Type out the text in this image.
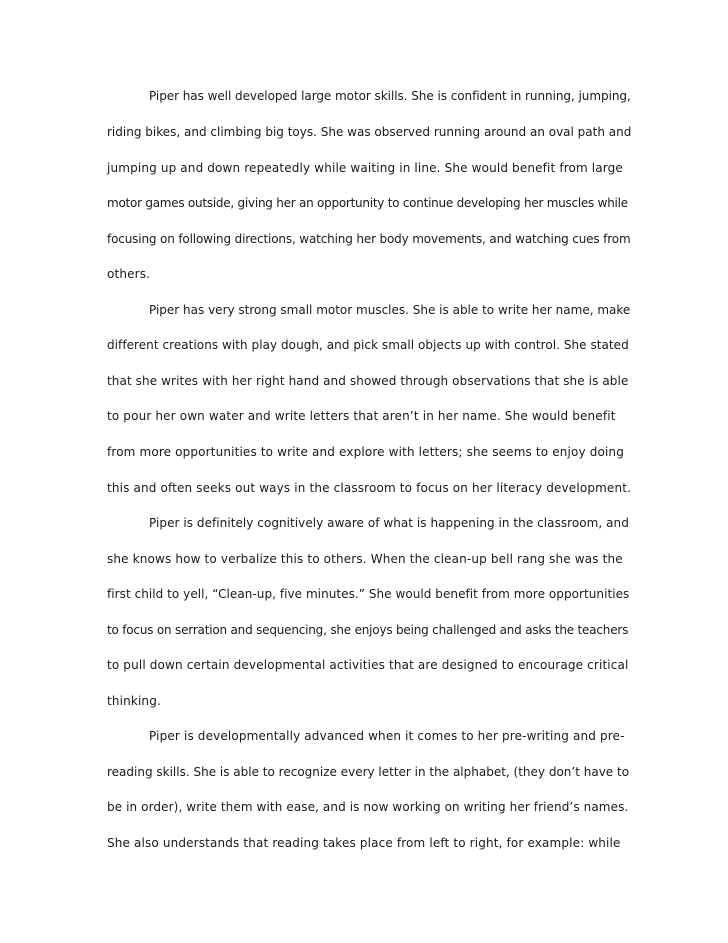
Piper has well developed large motor skills. She is confident in running, jumping,
riding bikes, and climbing big toys. She was observed running around an oval path and
jumping up and down repeatedly while waiting in line. She would benefit from large
motor games outside, giving her an opportunity to continue developing her muscles while
focusing on following directions, watching her body movements, and watching cues from
others.
Piper has very strong small motor muscles. She is able to write her name, make
different creations with play dough, and pick small objects up with control. She stated
that she writes with her right hand and showed through observations that she is able
to pour her own water and write letters that aren’t in her name. She would benefit
from more opportunities to write and explore with letters; she seems to enjoy doing
this and often seeks out ways in the classroom to focus on her literacy development.
Piper is definitely cognitively aware of what is happening in the classroom, and
she knows how to verbalize this to others. When the clean-up bell rang she was the
first child to yell, “Clean-up, five minutes.” She would benefit from more opportunities
to focus on serration and sequencing, she enjoys being challenged and asks the teachers
to pull down certain developmental activities that are designed to encourage critical
thinking.
Piper is developmentally advanced when it comes to her pre-writing and pre-
reading skills. She is able to recognize every letter in the alphabet, (they don’t have to
be in order), write them with ease, and is now working on writing her friend’s names.
She also understands that reading takes place from left to right, for example: while
